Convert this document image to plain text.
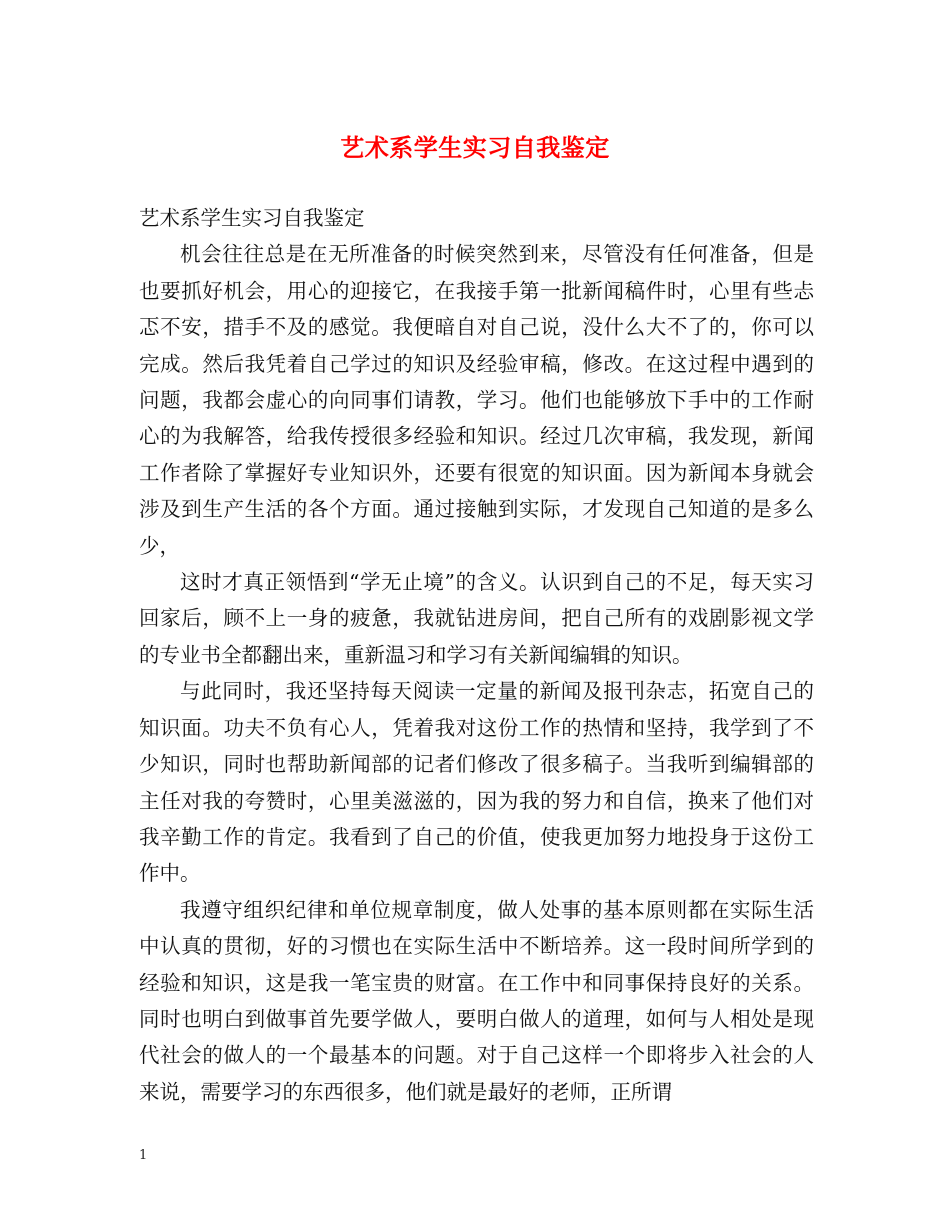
艺术系学生实习自我鉴定

艺术系学生实习自我鉴定

机会往往总是在无所准备的时候突然到来，尽管没有任何准备，但是也要抓好机会，用心的迎接它，在我接手第一批新闻稿件时，心里有些忐忑不安，措手不及的感觉。我便暗自对自己说，没什么大不了的，你可以完成。然后我凭着自己学过的知识及经验审稿，修改。在这过程中遇到的问题，我都会虚心的向同事们请教，学习。他们也能够放下手中的工作耐心的为我解答，给我传授很多经验和知识。经过几次审稿，我发现，新闻工作者除了掌握好专业知识外，还要有很宽的知识面。因为新闻本身就会涉及到生产生活的各个方面。通过接触到实际，才发现自己知道的是多么少，

这时才真正领悟到“学无止境”的含义。认识到自己的不足，每天实习回家后，顾不上一身的疲惫，我就钻进房间，把自己所有的戏剧影视文学的专业书全都翻出来，重新温习和学习有关新闻编辑的知识。

与此同时，我还坚持每天阅读一定量的新闻及报刊杂志，拓宽自己的知识面。功夫不负有心人，凭着我对这份工作的热情和坚持，我学到了不少知识，同时也帮助新闻部的记者们修改了很多稿子。当我听到编辑部的主任对我的夸赞时，心里美滋滋的，因为我的努力和自信，换来了他们对我辛勤工作的肯定。我看到了自己的价值，使我更加努力地投身于这份工作中。

我遵守组织纪律和单位规章制度，做人处事的基本原则都在实际生活中认真的贯彻，好的习惯也在实际生活中不断培养。这一段时间所学到的经验和知识，这是我一笔宝贵的财富。在工作中和同事保持良好的关系。同时也明白到做事首先要学做人，要明白做人的道理，如何与人相处是现代社会的做人的一个最基本的问题。对于自己这样一个即将步入社会的人来说，需要学习的东西很多，他们就是最好的老师，正所谓

1
